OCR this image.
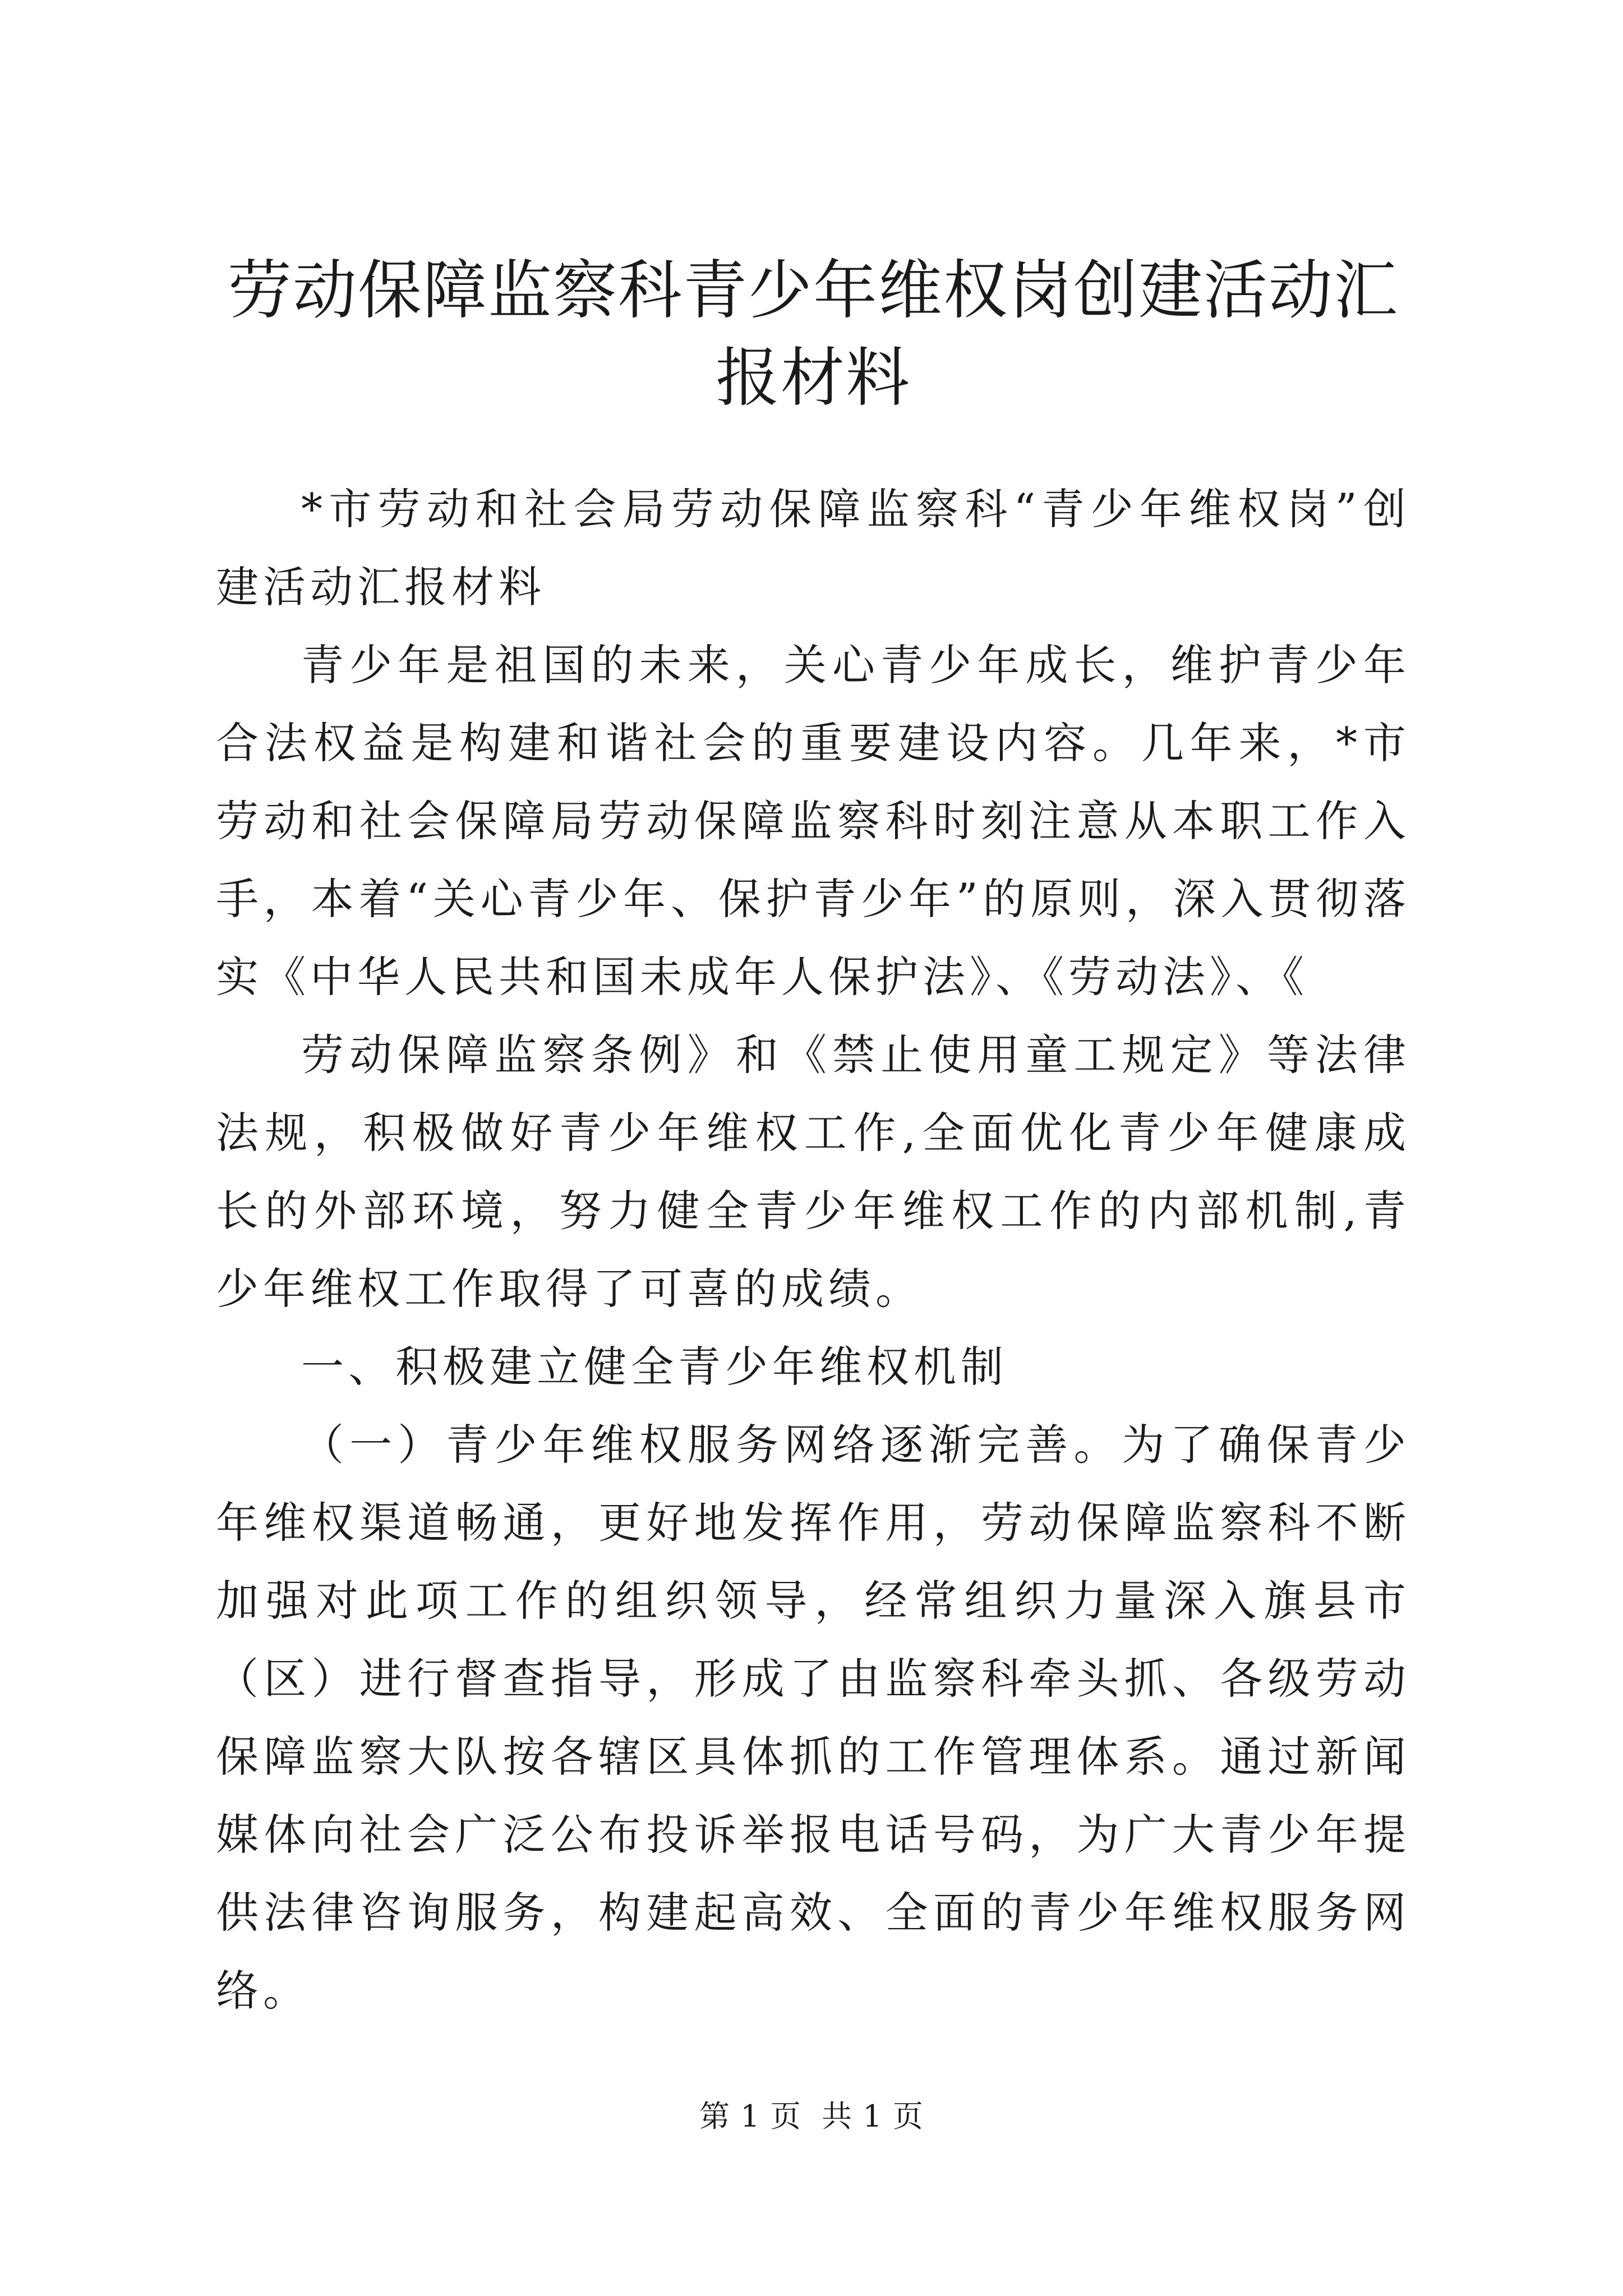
劳动保障监察科青少年维权岗创建活动汇报材料

*市劳动和社会局劳动保障监察科“青少年维权岗”创建活动汇报材料

青少年是祖国的未来，关心青少年成长，维护青少年合法权益是构建和谐社会的重要建设内容。几年来，*市劳动和社会保障局劳动保障监察科时刻注意从本职工作入手，本着“关心青少年、保护青少年”的原则，深入贯彻落实《中华人民共和国未成年人保护法》、《劳动法》、《

劳动保障监察条例》和《禁止使用童工规定》等法律法规，积极做好青少年维权工作,全面优化青少年健康成长的外部环境，努力健全青少年维权工作的内部机制,青少年维权工作取得了可喜的成绩。

一、积极建立健全青少年维权机制

（一）青少年维权服务网络逐渐完善。为了确保青少年维权渠道畅通，更好地发挥作用，劳动保障监察科不断加强对此项工作的组织领导，经常组织力量深入旗县市（区）进行督查指导，形成了由监察科牵头抓、各级劳动保障监察大队按各辖区具体抓的工作管理体系。通过新闻媒体向社会广泛公布投诉举报电话号码，为广大青少年提供法律咨询服务，构建起高效、全面的青少年维权服务网络。

第 1 页  共 1 页
